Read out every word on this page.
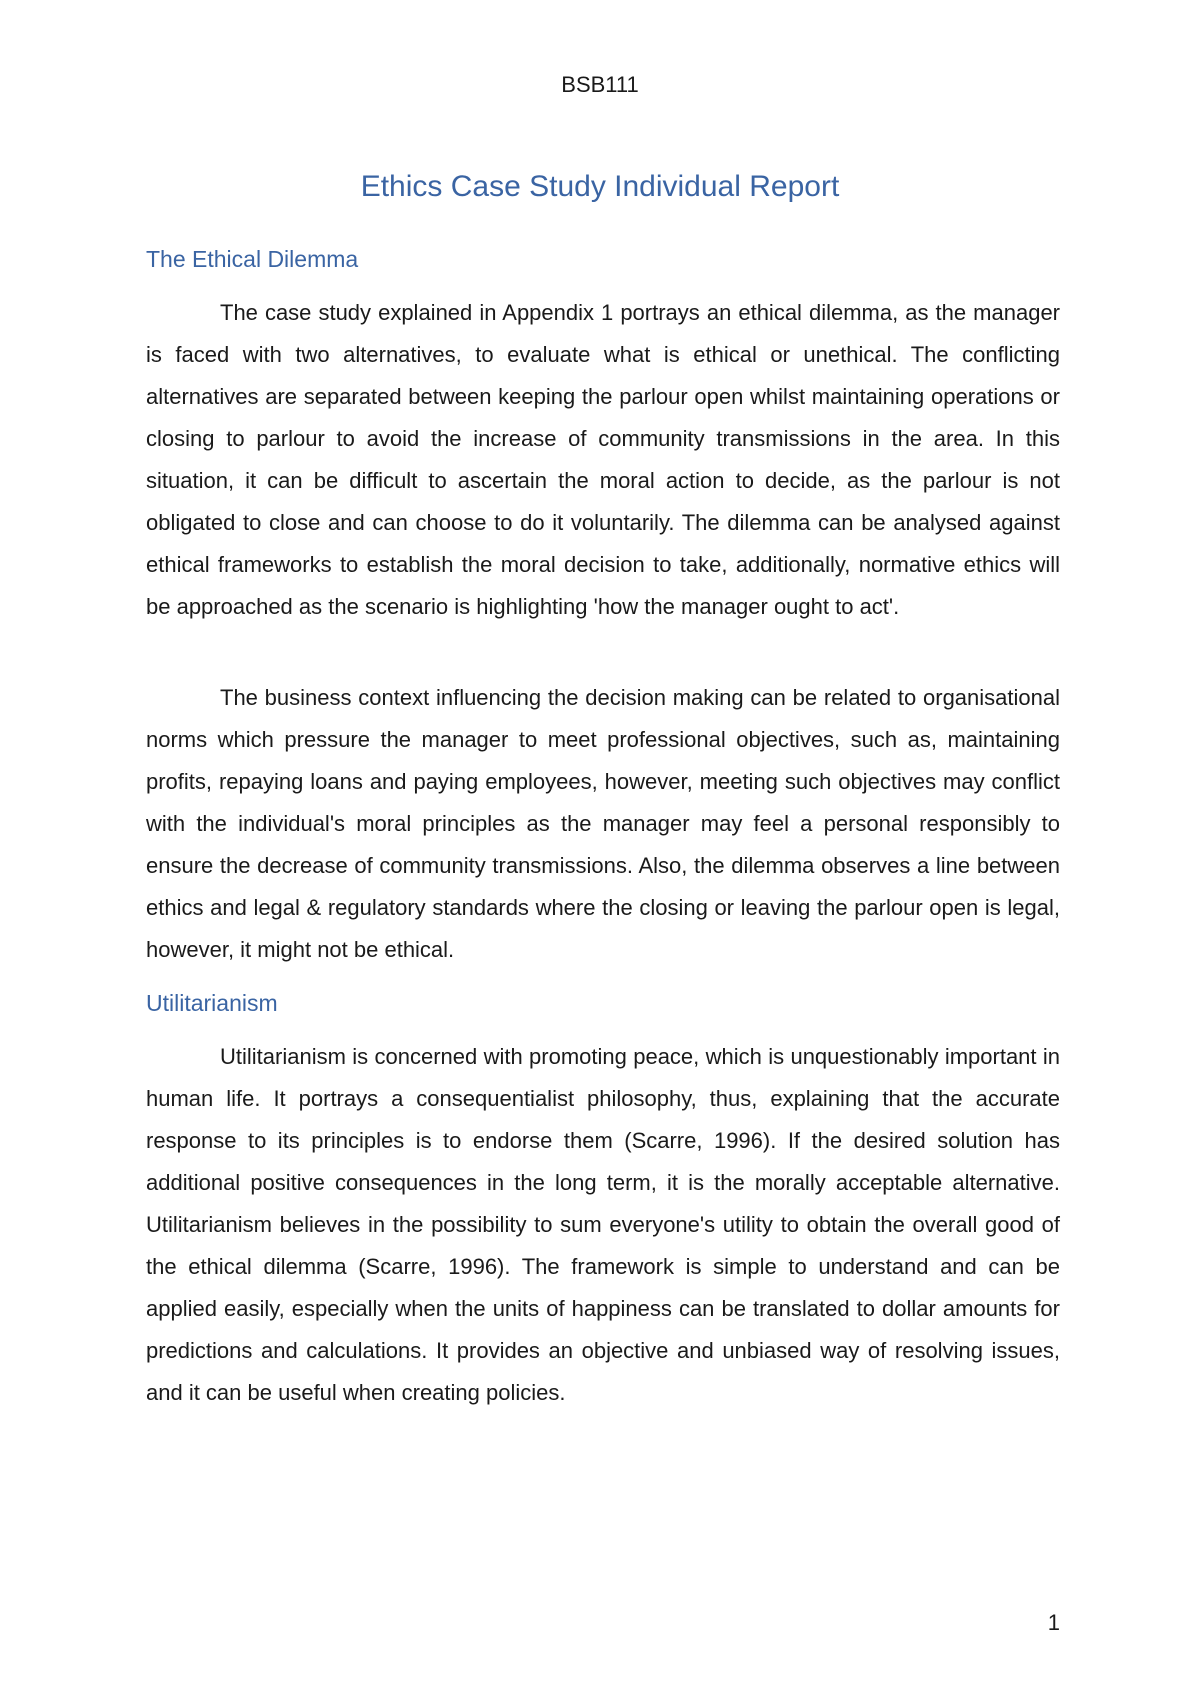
BSB111
Ethics Case Study Individual Report
The Ethical Dilemma

The case study explained in Appendix 1 portrays an ethical dilemma, as the manager is faced with two alternatives, to evaluate what is ethical or unethical. The conflicting alternatives are separated between keeping the parlour open whilst maintaining operations or closing to parlour to avoid the increase of community transmissions in the area. In this situation, it can be difficult to ascertain the moral action to decide, as the parlour is not obligated to close and can choose to do it voluntarily. The dilemma can be analysed against ethical frameworks to establish the moral decision to take, additionally, normative ethics will be approached as the scenario is highlighting 'how the manager ought to act'.

The business context influencing the decision making can be related to organisational norms which pressure the manager to meet professional objectives, such as, maintaining profits, repaying loans and paying employees, however, meeting such objectives may conflict with the individual's moral principles as the manager may feel a personal responsibly to ensure the decrease of community transmissions. Also, the dilemma observes a line between ethics and legal & regulatory standards where the closing or leaving the parlour open is legal, however, it might not be ethical.

Utilitarianism

Utilitarianism is concerned with promoting peace, which is unquestionably important in human life. It portrays a consequentialist philosophy, thus, explaining that the accurate response to its principles is to endorse them (Scarre, 1996). If the desired solution has additional positive consequences in the long term, it is the morally acceptable alternative. Utilitarianism believes in the possibility to sum everyone's utility to obtain the overall good of the ethical dilemma (Scarre, 1996). The framework is simple to understand and can be applied easily, especially when the units of happiness can be translated to dollar amounts for predictions and calculations. It provides an objective and unbiased way of resolving issues, and it can be useful when creating policies.

1
